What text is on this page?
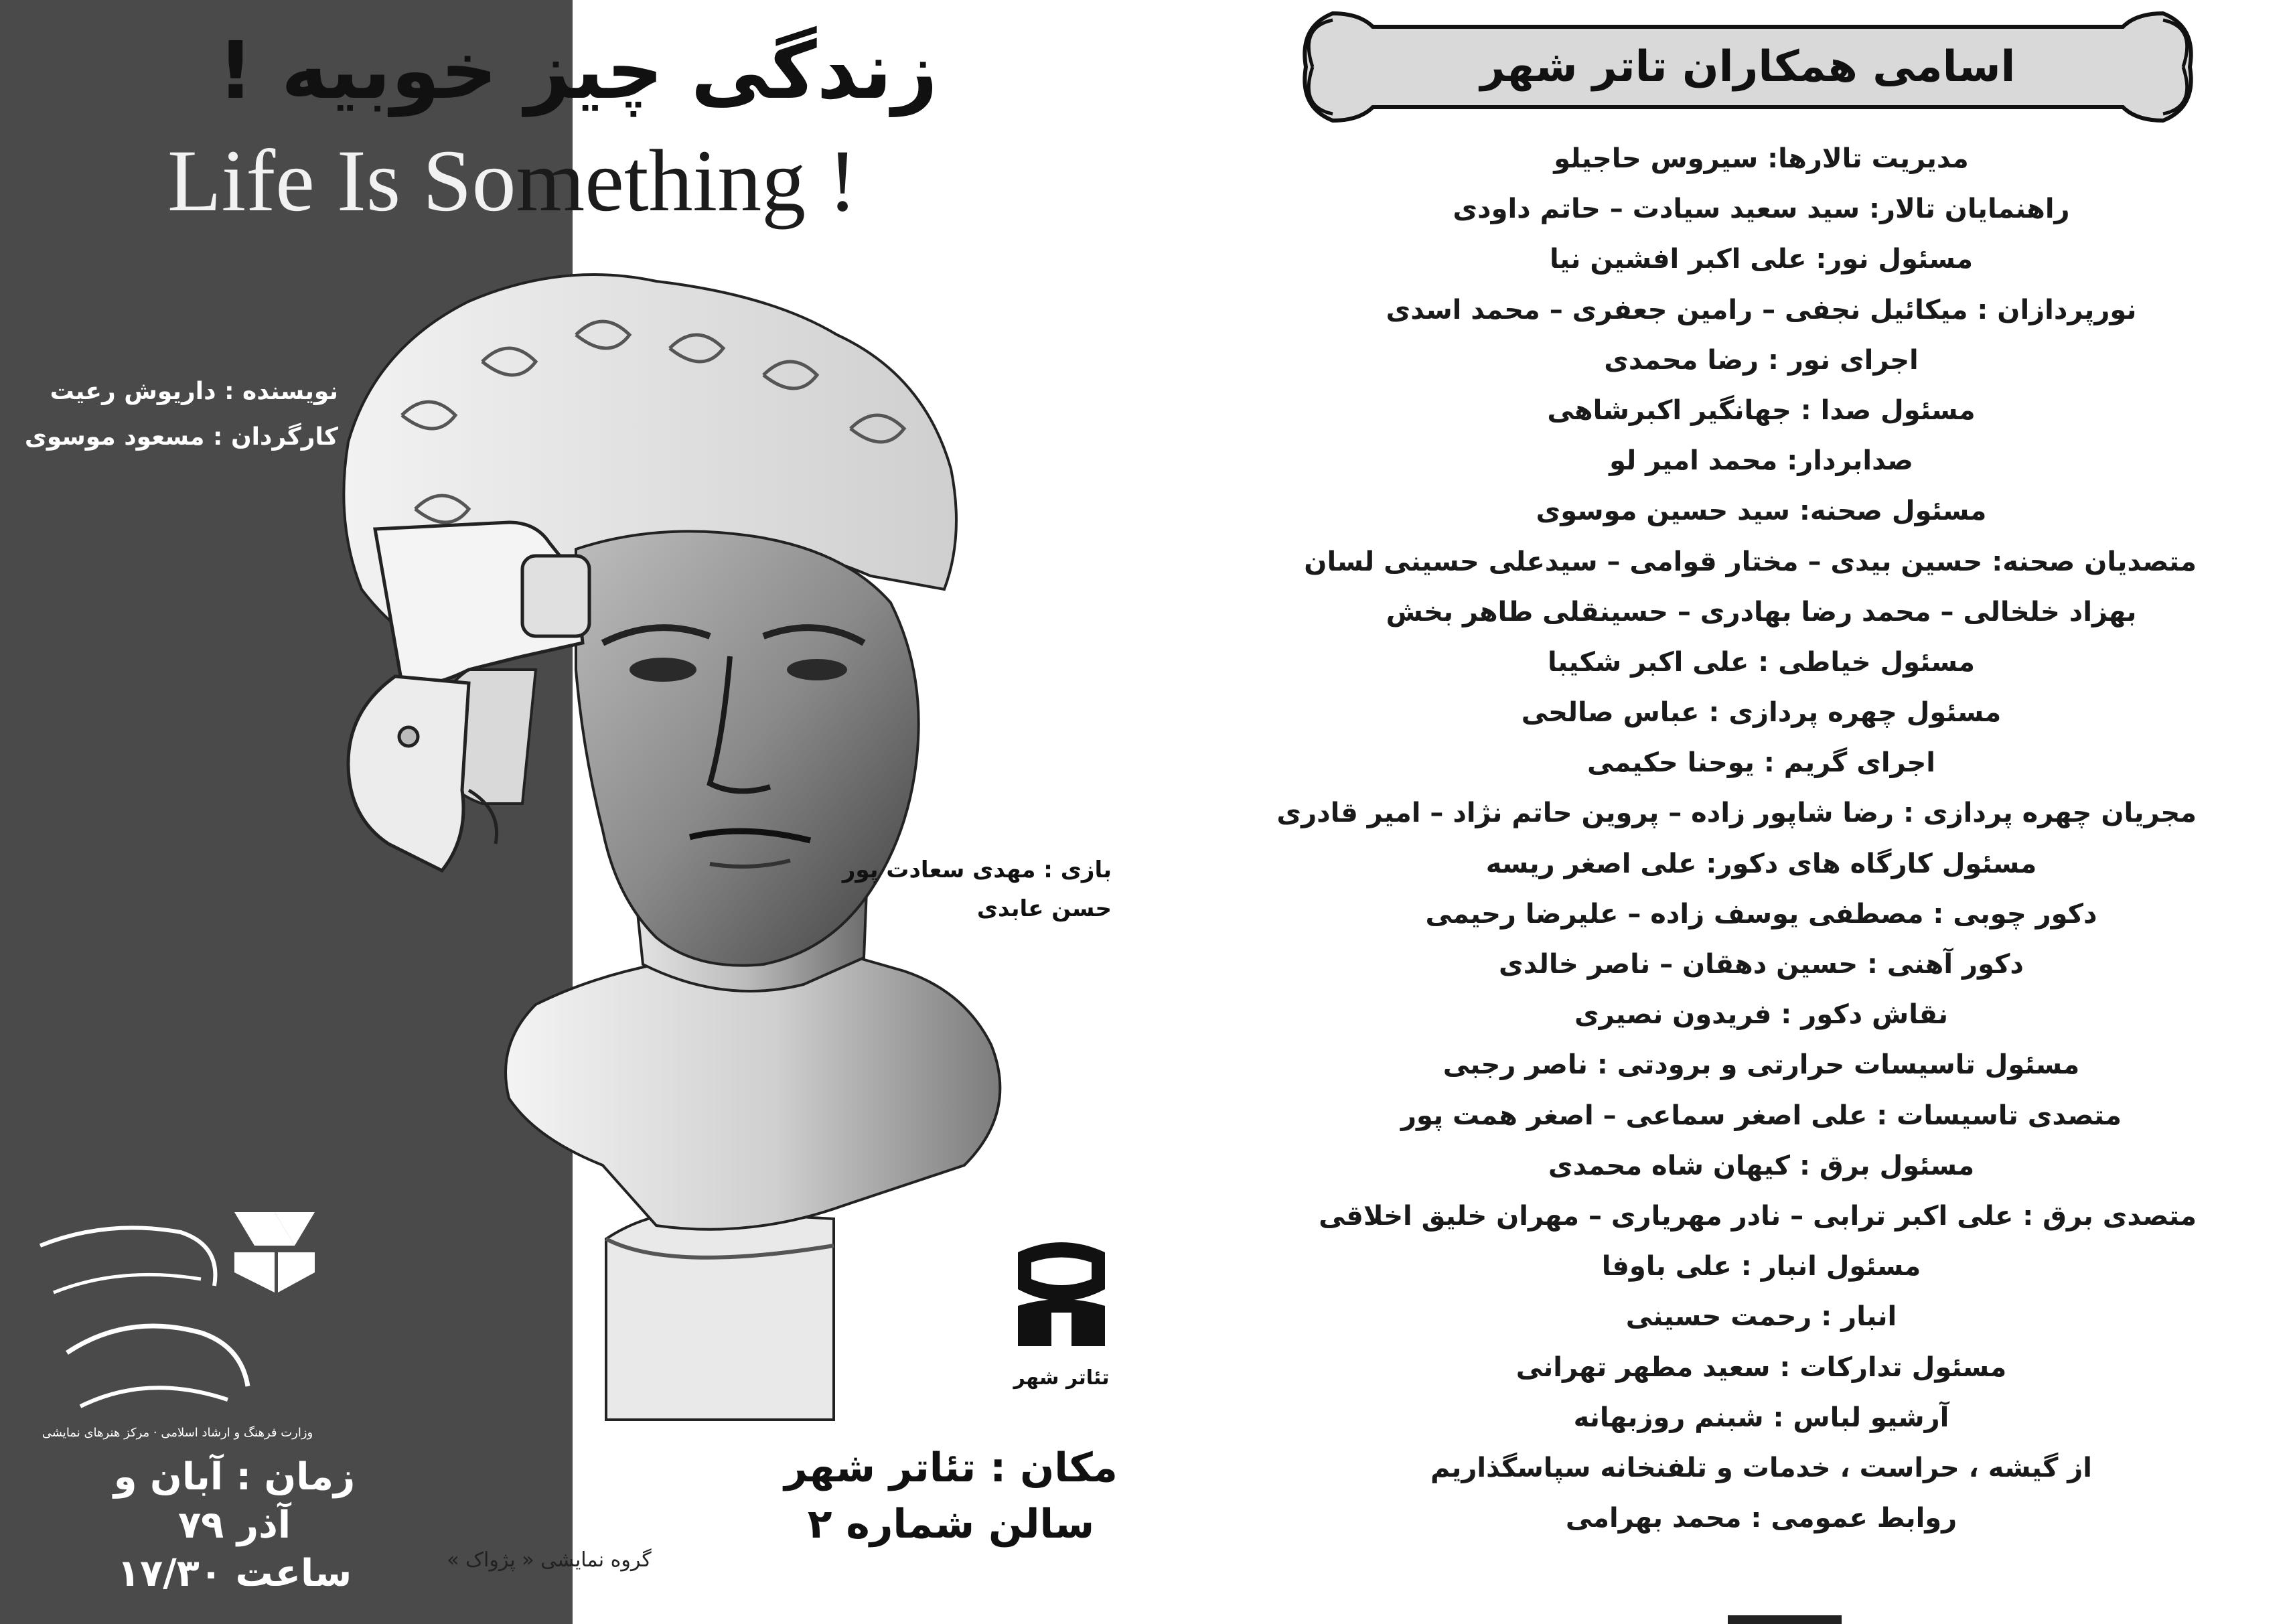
زندگی چیز خوبیه !
Life Is Something !
نویسنده : داریوش رعیت
کارگردان : مسعود موسوی
بازی : مهدی سعادت پور
حسن عابدی
وزارت فرهنگ و ارشاد اسلامی · مرکز هنرهای نمایشی
زمان : آبان و آذر ۷۹
ساعت ۱۷/۳۰
تئاتر شهر
مکان : تئاتر شهر
سالن شماره ۲
گروه نمایشی « پژواک »
اسامی همکاران تاتر شهر
مدیریت تالارها: سیروس حاجیلو
راهنمایان تالار: سید سعید سیادت – حاتم داودی
مسئول نور: علی اکبر افشین نیا
نورپردازان : میکائیل نجفی – رامین جعفری – محمد اسدی
اجرای نور : رضا محمدی
مسئول صدا : جهانگیر اکبرشاهی
صدابردار: محمد امیر لو
مسئول صحنه: سید حسین موسوی
متصدیان صحنه: حسین بیدی – مختار قوامی – سیدعلی حسینی لسان
بهزاد خلخالی – محمد رضا بهادری – حسینقلی طاهر بخش
مسئول خیاطی : علی اکبر شکیبا
مسئول چهره پردازی : عباس صالحی
اجرای گریم : یوحنا حکیمی
مجریان چهره پردازی : رضا شاپور زاده – پروین حاتم نژاد – امیر قادری
مسئول کارگاه های دکور: علی اصغر ریسه
دکور چوبی : مصطفی یوسف زاده – علیرضا رحیمی
دکور آهنی : حسین دهقان – ناصر خالدی
نقاش دکور : فریدون نصیری
مسئول تاسیسات حرارتی و برودتی : ناصر رجبی
متصدی تاسیسات : علی اصغر سماعی – اصغر همت پور
مسئول برق : کیهان شاه محمدی
متصدی برق : علی اکبر ترابی – نادر مهریاری – مهران خلیق اخلاقی
مسئول انبار : علی باوفا
انبار : رحمت حسینی
مسئول تدارکات : سعید مطهر تهرانی
آرشیو لباس : شبنم روزبهانه
از گیشه ، حراست ، خدمات و تلفنخانه سپاسگذاریم
روابط عمومی : محمد بهرامی
